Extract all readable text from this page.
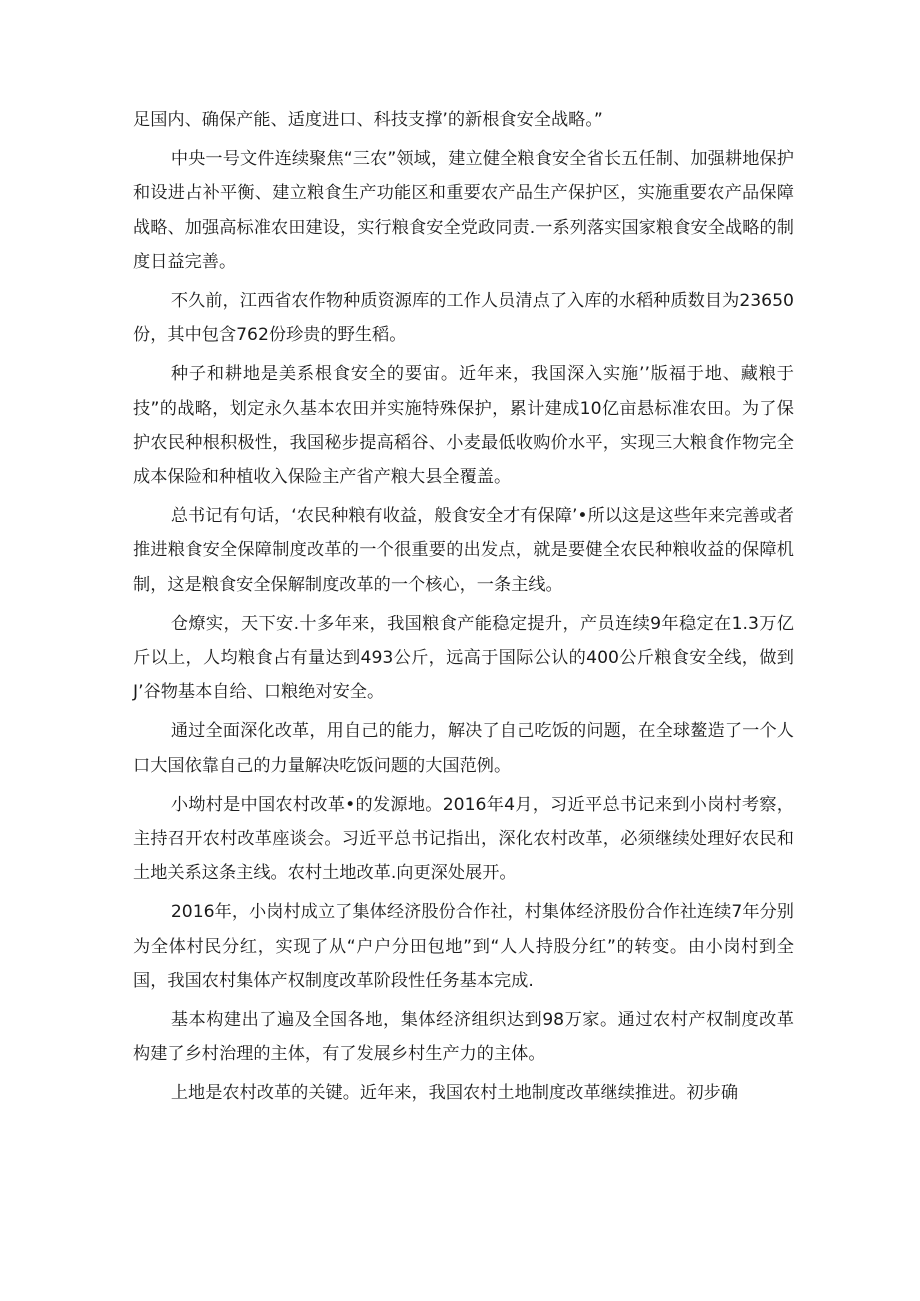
足国内、确保产能、适度进口、科技支撑’的新根食安全战略。”

中央一号文件连续聚焦“三农”领域，建立健全粮食安全省长五任制、加强耕地保护和设进占补平衡、建立粮食生产功能区和重要农产品生产保护区，实施重要农产品保障战略、加强高标准农田建设，实行粮食安全党政同责.一系列落实国家粮食安全战略的制度日益完善。

不久前，江西省农作物种质资源库的工作人员清点了入库的水稻种质数目为23650份，其中包含762份珍贵的野生稻。

种子和耕地是美系根食安全的要宙。近年来，我国深入实施’’版福于地、藏粮于技”的战略，划定永久基本农田并实施特殊保护，累计建成10亿亩悬标准农田。为了保护农民种根积极性，我国秘步提高稻谷、小麦最低收购价水平，实现三大粮食作物完全成本保险和种植收入保险主产省产粮大县全覆盖。

总书记有句话，‘农民种粮有收益，般食安全才有保障’•所以这是这些年来完善或者推进粮食安全保障制度改革的一个很重要的出发点，就是要健全农民种粮收益的保障机制，这是粮食安全保解制度改革的一个核心，一条主线。

仓燎实，天下安.十多年来，我国粮食产能稳定提升，产员连续9年稳定在1.3万亿斤以上，人均粮食占有量达到493公斤，远高于国际公认的400公斤粮食安全线，做到J’谷物基本自给、口粮绝对安全。

通过全面深化改革，用自己的能力，解决了自己吃饭的问题，在全球鳌造了一个人口大国依靠自己的力量解决吃饭问题的大国范例。

小坳村是中国农村改革•的发源地。2016年4月，习近平总书记来到小岗村考察，主持召开农村改革座谈会。习近平总书记指出，深化农村改革，必须继续处理好农民和土地关系这条主线。农村土地改革.向更深处展开。

2016年，小岗村成立了集体经济股份合作社，村集体经济股份合作社连续7年分别为全体村民分红，实现了从“户户分田包地”到“人人持股分红”的转变。由小岗村到全国，我国农村集体产权制度改革阶段性任务基本完成.

基本构建出了遍及全国各地，集体经济组织达到98万家。通过农村产权制度改革构建了乡村治理的主体，有了发展乡村生产力的主体。

上地是农村改革的关键。近年来，我国农村土地制度改革继续推进。初步确
